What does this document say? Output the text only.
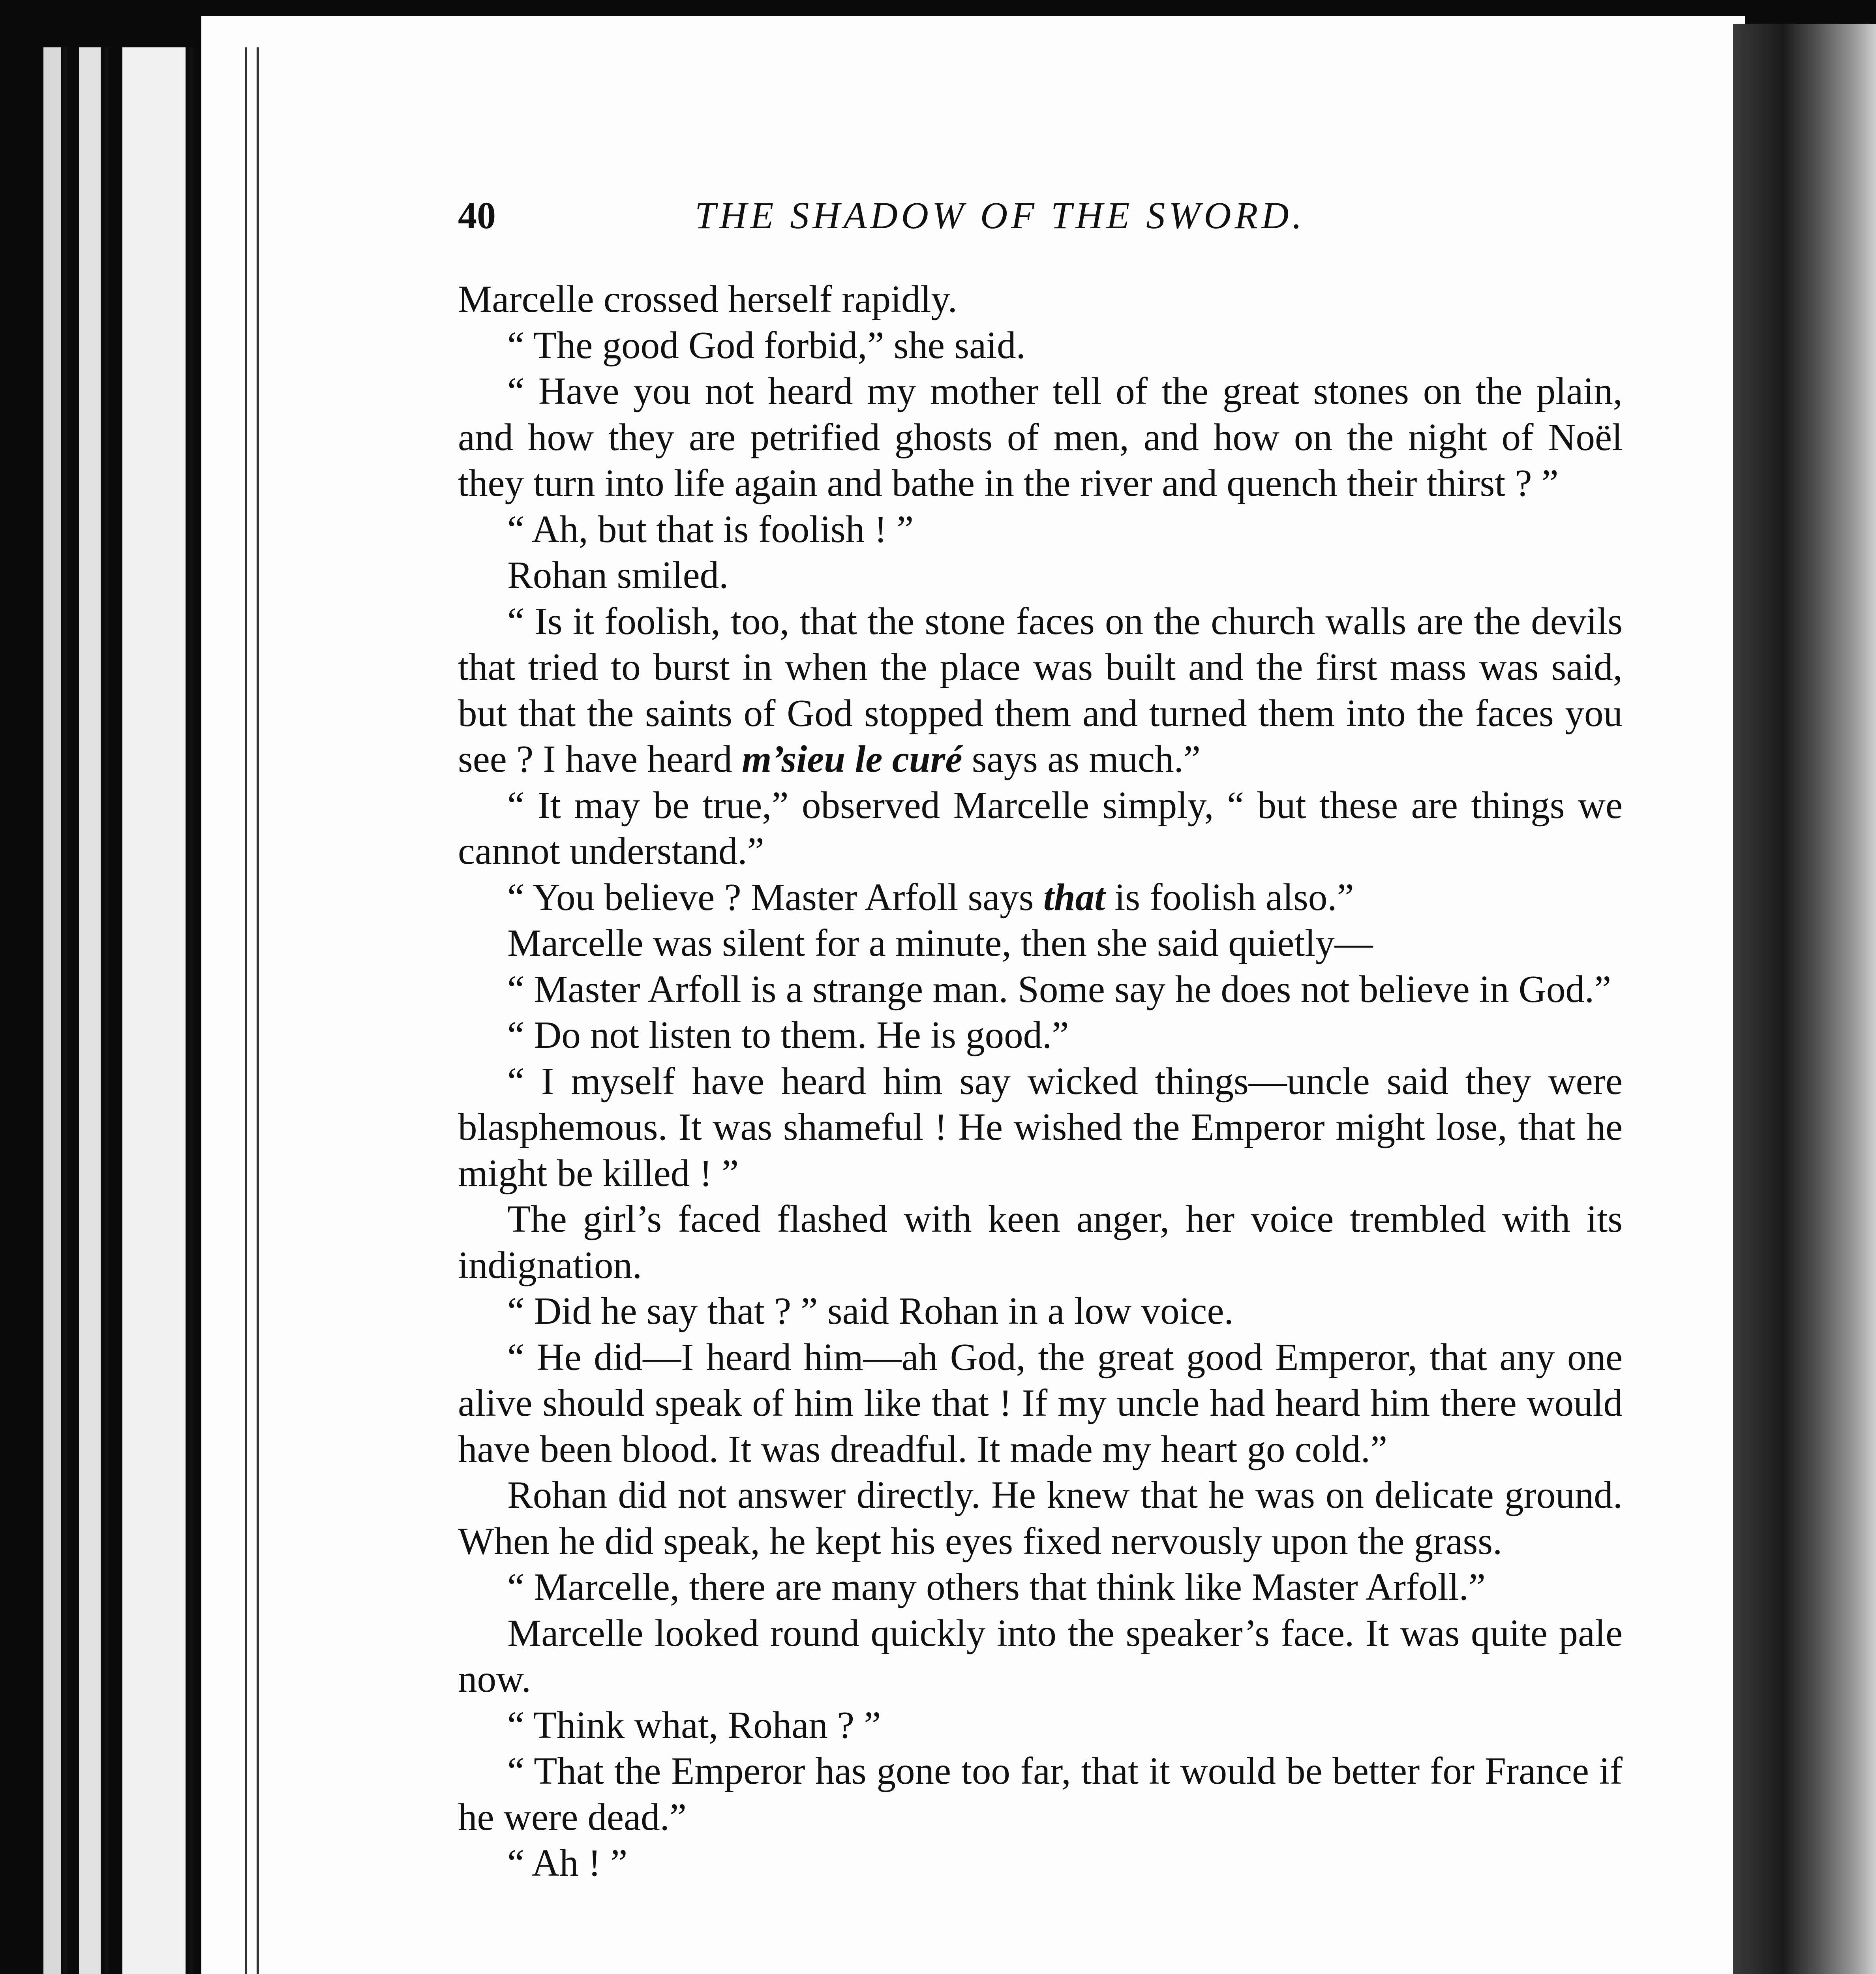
40	THE SHADOW OF THE SWORD.

Marcelle crossed herself rapidly.

“ The good God forbid,” she said.

“ Have you not heard my mother tell of the great stones on the plain, and how they are petrified ghosts of men, and how on the night of Noël they turn into life again and bathe in the river and quench their thirst ? ”

“ Ah, but that is foolish ! ”

Rohan smiled.

“ Is it foolish, too, that the stone faces on the church walls are the devils that tried to burst in when the place was built and the first mass was said, but that the saints of God stopped them and turned them into the faces you see ? I have heard m’sieu le curé says as much.”

“ It may be true,” observed Marcelle simply, “ but these are things we cannot understand.”

“ You believe ? Master Arfoll says that is foolish also.”

Marcelle was silent for a minute, then she said quietly—

“ Master Arfoll is a strange man. Some say he does not believe in God.”

“ Do not listen to them. He is good.”

“ I myself have heard him say wicked things—uncle said they were blasphemous. It was shameful ! He wished the Emperor might lose, that he might be killed ! ”

The girl’s faced flashed with keen anger, her voice trembled with its indignation.

“ Did he say that ? ” said Rohan in a low voice.

“ He did—I heard him—ah God, the great good Emperor, that any one alive should speak of him like that ! If my uncle had heard him there would have been blood. It was dreadful. It made my heart go cold.”

Rohan did not answer directly. He knew that he was on delicate ground. When he did speak, he kept his eyes fixed nervously upon the grass.

“ Marcelle, there are many others that think like Master Arfoll.”

Marcelle looked round quickly into the speaker’s face. It was quite pale now.

“ Think what, Rohan ? ”

“ That the Emperor has gone too far, that it would be better for France if he were dead.”

“ Ah ! ”
